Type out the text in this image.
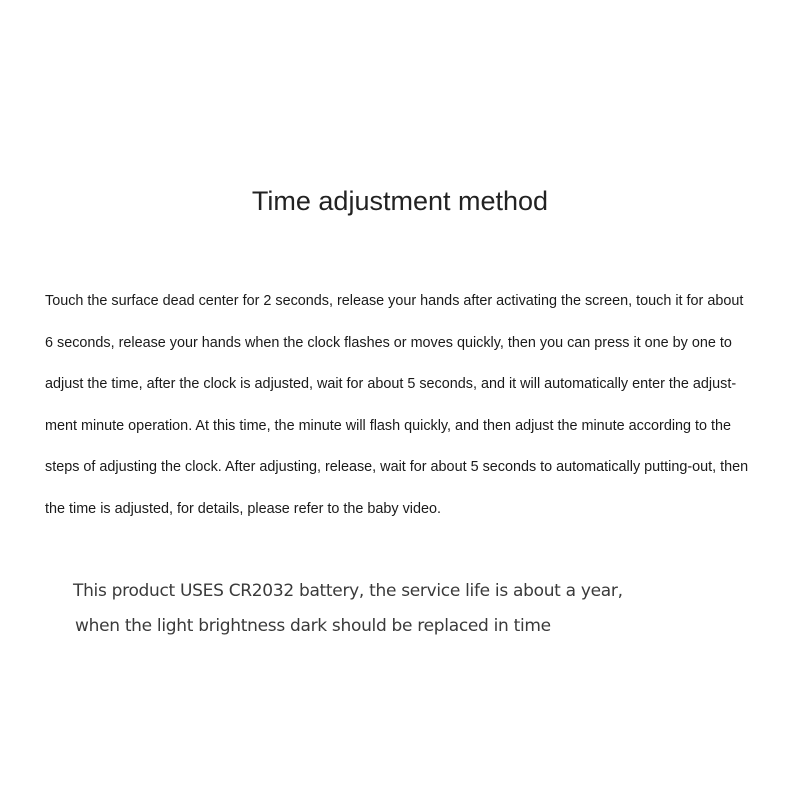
Time adjustment method
Touch the surface dead center for 2 seconds, release your hands after activating the screen, touch it for about
6 seconds, release your hands when the clock flashes or moves quickly, then you can press it one by one to
adjust the time, after the clock is adjusted, wait for about 5 seconds, and it will automatically enter the adjust-
ment minute operation. At this time, the minute will flash quickly, and then adjust the minute according to the
steps of adjusting the clock. After adjusting, release, wait for about 5 seconds to automatically putting-out, then
the time is adjusted, for details, please refer to the baby video.
This product USES CR2032 battery, the service life is about a year,
when the light brightness dark should be replaced in time
